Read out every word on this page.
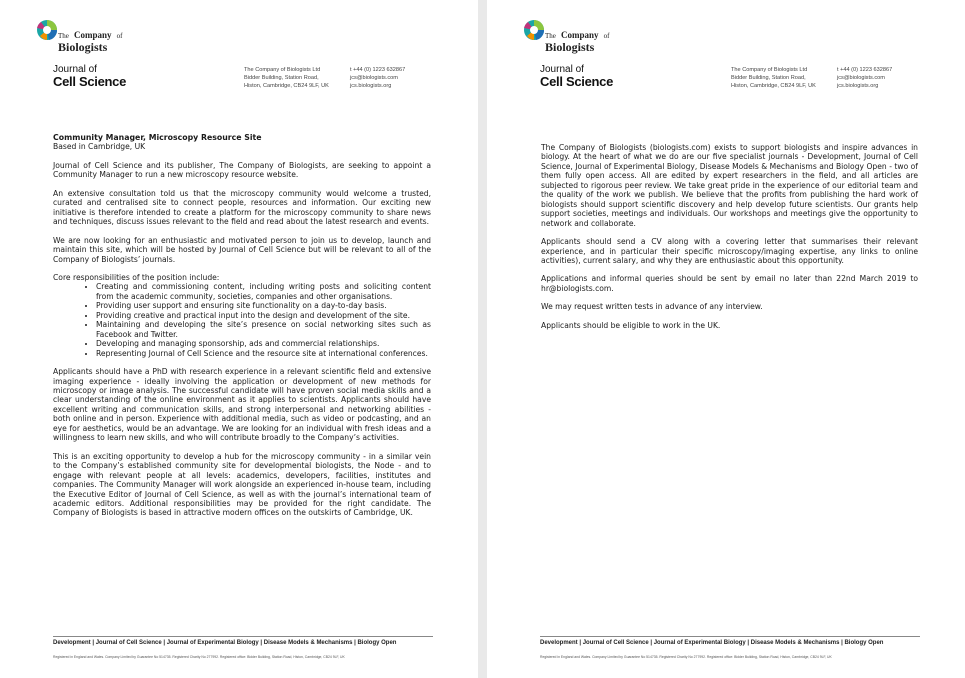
The Company of
Biologists
Journal of
Cell Science
The Company of Biologists Ltd
Bidder Building, Station Road,
Histon, Cambridge, CB24 9LF, UK
t +44 (0) 1223 632867
jcs@biologists.com
jcs.biologists.org
Community Manager, Microscopy Resource Site
Based in Cambridge, UK

Journal of Cell Science and its publisher, The Company of Biologists, are seeking to appoint a Community Manager to run a new microscopy resource website.

An extensive consultation told us that the microscopy community would welcome a trusted, curated and centralised site to connect people, resources and information. Our exciting new initiative is therefore intended to create a platform for the microscopy community to share news and techniques, discuss issues relevant to the field and read about the latest research and events.

We are now looking for an enthusiastic and motivated person to join us to develop, launch and maintain this site, which will be hosted by Journal of Cell Science but will be relevant to all of the Company of Biologists’ journals.

Core responsibilities of the position include:

• Creating and commissioning content, including writing posts and soliciting content from the academic community, societies, companies and other organisations.
• Providing user support and ensuring site functionality on a day-to-day basis.
• Providing creative and practical input into the design and development of the site.
• Maintaining and developing the site’s presence on social networking sites such as Facebook and Twitter.
• Developing and managing sponsorship, ads and commercial relationships.
• Representing Journal of Cell Science and the resource site at international conferences.

Applicants should have a PhD with research experience in a relevant scientific field and extensive imaging experience - ideally involving the application or development of new methods for microscopy or image analysis. The successful candidate will have proven social media skills and a clear understanding of the online environment as it applies to scientists. Applicants should have excellent writing and communication skills, and strong interpersonal and networking abilities - both online and in person. Experience with additional media, such as video or podcasting, and an eye for aesthetics, would be an advantage. We are looking for an individual with fresh ideas and a willingness to learn new skills, and who will contribute broadly to the Company’s activities.

This is an exciting opportunity to develop a hub for the microscopy community - in a similar vein to the Company’s established community site for developmental biologists, the Node - and to engage with relevant people at all levels: academics, developers, facilities, institutes and companies. The Community Manager will work alongside an experienced in-house team, including the Executive Editor of Journal of Cell Science, as well as with the journal’s international team of academic editors. Additional responsibilities may be provided for the right candidate. The Company of Biologists is based in attractive modern offices on the outskirts of Cambridge, UK.

Development | Journal of Cell Science | Journal of Experimental Biology | Disease Models & Mechanisms | Biology Open
Registered in England and Wales. Company Limited by Guarantee No 514735. Registered Charity No 277992. Registered office: Bidder Building, Station Road, Histon, Cambridge, CB24 9LF, UK
The Company of
Biologists
Journal of
Cell Science
The Company of Biologists Ltd
Bidder Building, Station Road,
Histon, Cambridge, CB24 9LF, UK
t +44 (0) 1223 632867
jcs@biologists.com
jcs.biologists.org

The Company of Biologists (biologists.com) exists to support biologists and inspire advances in biology. At the heart of what we do are our five specialist journals - Development, Journal of Cell Science, Journal of Experimental Biology, Disease Models & Mechanisms and Biology Open - two of them fully open access. All are edited by expert researchers in the field, and all articles are subjected to rigorous peer review. We take great pride in the experience of our editorial team and the quality of the work we publish. We believe that the profits from publishing the hard work of biologists should support scientific discovery and help develop future scientists. Our grants help support societies, meetings and individuals. Our workshops and meetings give the opportunity to network and collaborate.

Applicants should send a CV along with a covering letter that summarises their relevant experience, and in particular their specific microscopy/imaging expertise, any links to online activities), current salary, and why they are enthusiastic about this opportunity.

Applications and informal queries should be sent by email no later than 22nd March 2019 to hr@biologists.com.

We may request written tests in advance of any interview.

Applicants should be eligible to work in the UK.

Development | Journal of Cell Science | Journal of Experimental Biology | Disease Models & Mechanisms | Biology Open
Registered in England and Wales. Company Limited by Guarantee No 514735. Registered Charity No 277992. Registered office: Bidder Building, Station Road, Histon, Cambridge, CB24 9LF, UK
